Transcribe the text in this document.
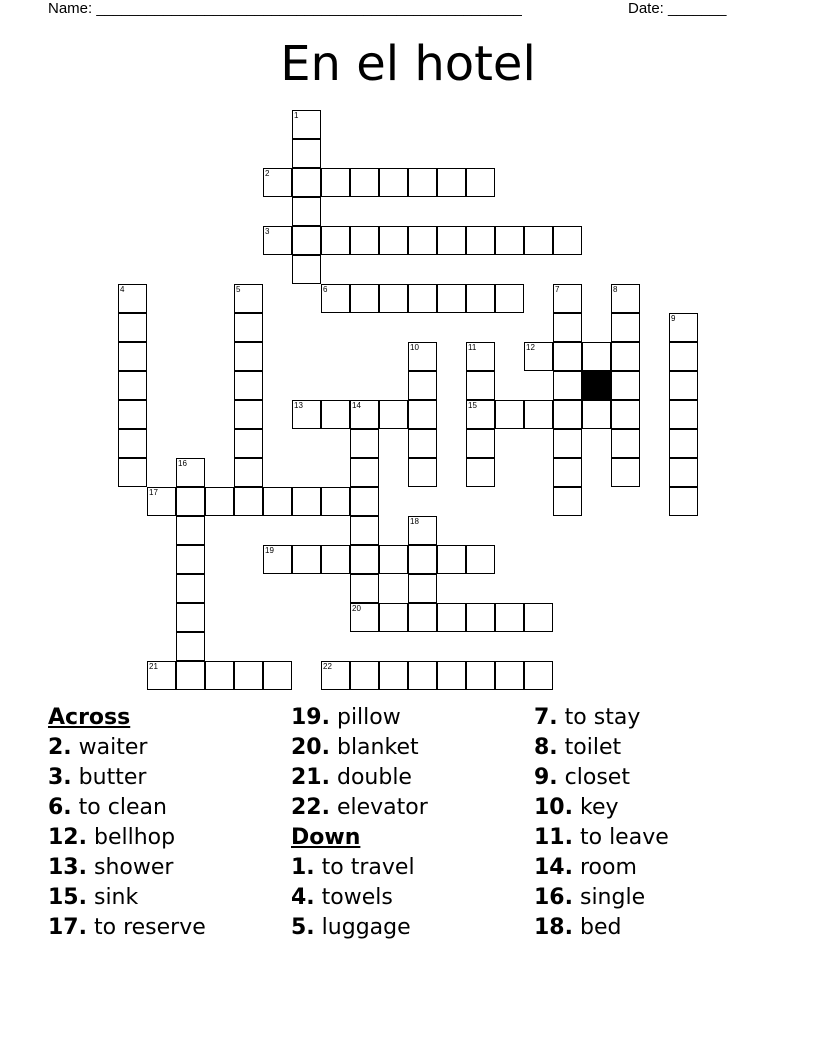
Name: ___________________________________________________	Date: _______
En el hotel
1
2
3
4	5	6	7	8
9
10	11
15
12
13	14
20
16
17
18
19
21	22
Across
2. waiter
3. butter
6. to clean
12. bellhop
13. shower
15. sink
17. to reserve
19. pillow
20. blanket
21. double
22. elevator
Down
1. to travel
4. towels
5. luggage
7. to stay
8. toilet
9. closet
10. key
11. to leave
14. room
16. single
18. bed
